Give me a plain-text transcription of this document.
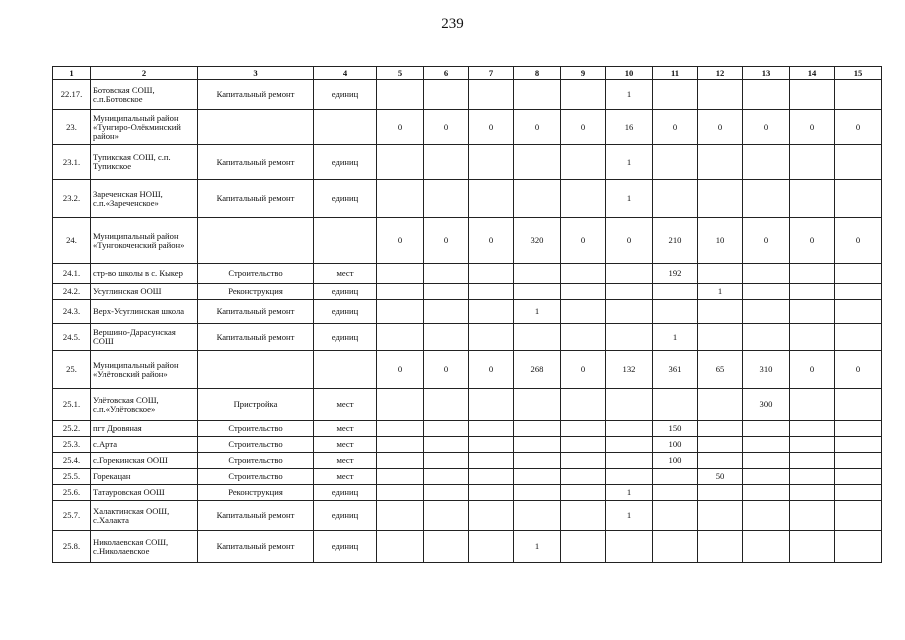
239
1	2	3	4	5	6	7	8	9	10	11	12	13	14	15
22.17.	Ботовская СОШ, с.п.Ботовское	Капитальный ремонт	единиц						1					
23.	Муниципальный район «Тунгиро-Олёкминский район»			0	0	0	0	0	16	0	0	0	0	0
23.1.	Тупикская СОШ, с.п. Тупикское	Капитальный ремонт	единиц						1					
23.2.	Зареченская НОШ, с.п.«Зареченское»	Капитальный ремонт	единиц						1					
24.	Муниципальный район «Тунгокоченский район»			0	0	0	320	0	0	210	10	0	0	0
24.1.	стр-во школы в с. Кыкер	Строительство	мест							192				
24.2.	Усуглинская ООШ	Реконструкция	единиц								1			
24.3.	Верх-Усуглинская школа	Капитальный ремонт	единиц				1							
24.5.	Вершино-Дарасунская СОШ	Капитальный ремонт	единиц							1				
25.	Муниципальный район «Улётовский район»			0	0	0	268	0	132	361	65	310	0	0
25.1.	Улётовская СОШ, с.п.«Улётовское»	Пристройка	мест									300		
25.2.	пгт Дровяная	Строительство	мест							150				
25.3.	с.Арта	Строительство	мест							100				
25.4.	с.Горекинская ООШ	Строительство	мест							100				
25.5.	Горекацан	Строительство	мест								50			
25.6.	Татауровская ООШ	Реконструкция	единиц						1					
25.7.	Халактинская ООШ, с.Халакта	Капитальный ремонт	единиц						1					
25.8.	Николаевская СОШ, с.Николаевское	Капитальный ремонт	единиц				1							
